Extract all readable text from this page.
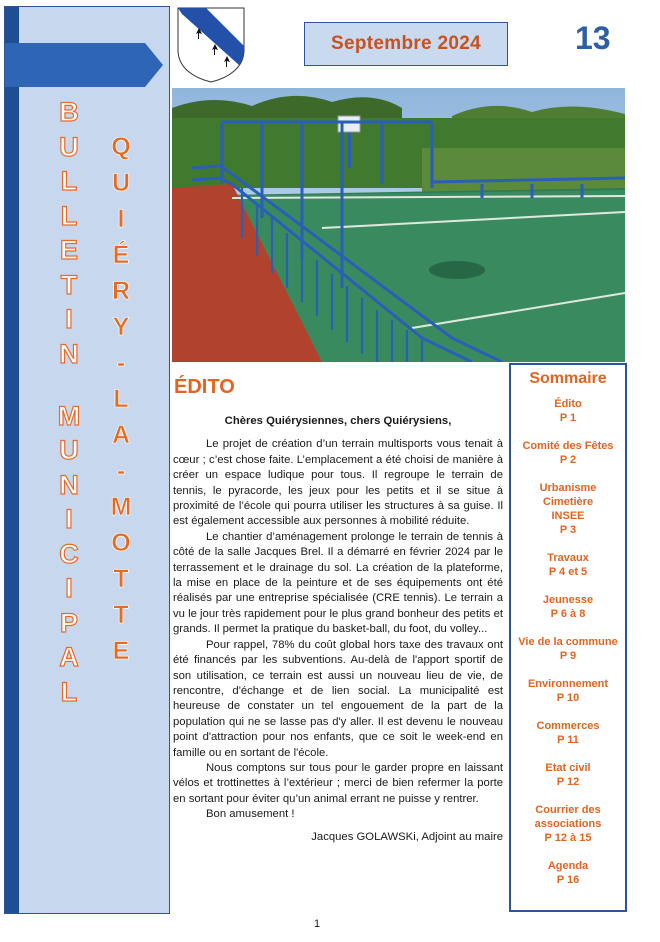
B
U
L
L
E
T
I
N
M
U
N
I
C
I
P
A
L
Q
U
I
É
R
Y
-
L
A
-
M
O
T
T
E
Septembre 2024	13
ÉDITO

Chères Quiérysiennes, chers Quiérysiens,

Le projet de création d’un terrain multisports vous tenait à cœur ; c’est chose faite. L’emplacement a été choisi de manière à créer un espace ludique pour tous. Il regroupe le terrain de tennis, le pyracorde, les jeux pour les petits et il se situe à proximité de l’école qui pourra utiliser les structures à sa guise. Il est également accessible aux personnes à mobilité réduite.

Le chantier d’aménagement prolonge le terrain de tennis à côté de la salle Jacques Brel. Il a démarré en février 2024 par le terrassement et le drainage du sol. La création de la plateforme, la mise en place de la peinture et de ses équipements ont été réalisés par une entreprise spécialisée (CRE tennis). Le terrain a vu le jour très rapidement pour le plus grand bonheur des petits et grands. Il permet la pratique du basket-ball, du foot, du volley...

Pour rappel, 78% du coût global hors taxe des travaux ont été financés par les subventions. Au-delà de l'apport sportif de son utilisation, ce terrain est aussi un nouveau lieu de vie, de rencontre, d'échange et de lien social. La municipalité est heureuse de constater un tel engouement de la part de la population qui ne se lasse pas d'y aller. Il est devenu le nouveau point d'attraction pour nos enfants, que ce soit le week-end en famille ou en sortant de l'école.

Nous comptons sur tous pour le garder propre en laissant vélos et trottinettes à l’extérieur ; merci de bien refermer la porte en sortant pour éviter qu’un animal errant ne puisse y rentrer.

Bon amusement !

Jacques GOLAWSKi, Adjoint au maire

Sommaire
Édito
P 1
Comité des Fêtes
P 2
Urbanisme Cimetière INSEE
P 3
Travaux
P 4 et 5
Jeunesse
P 6 à 8
Vie de la commune
P 9
Environnement
P 10
Commerces
P 11
Etat civil
P 12
Courrier des associations
P 12 à 15
Agenda
P 16
1
